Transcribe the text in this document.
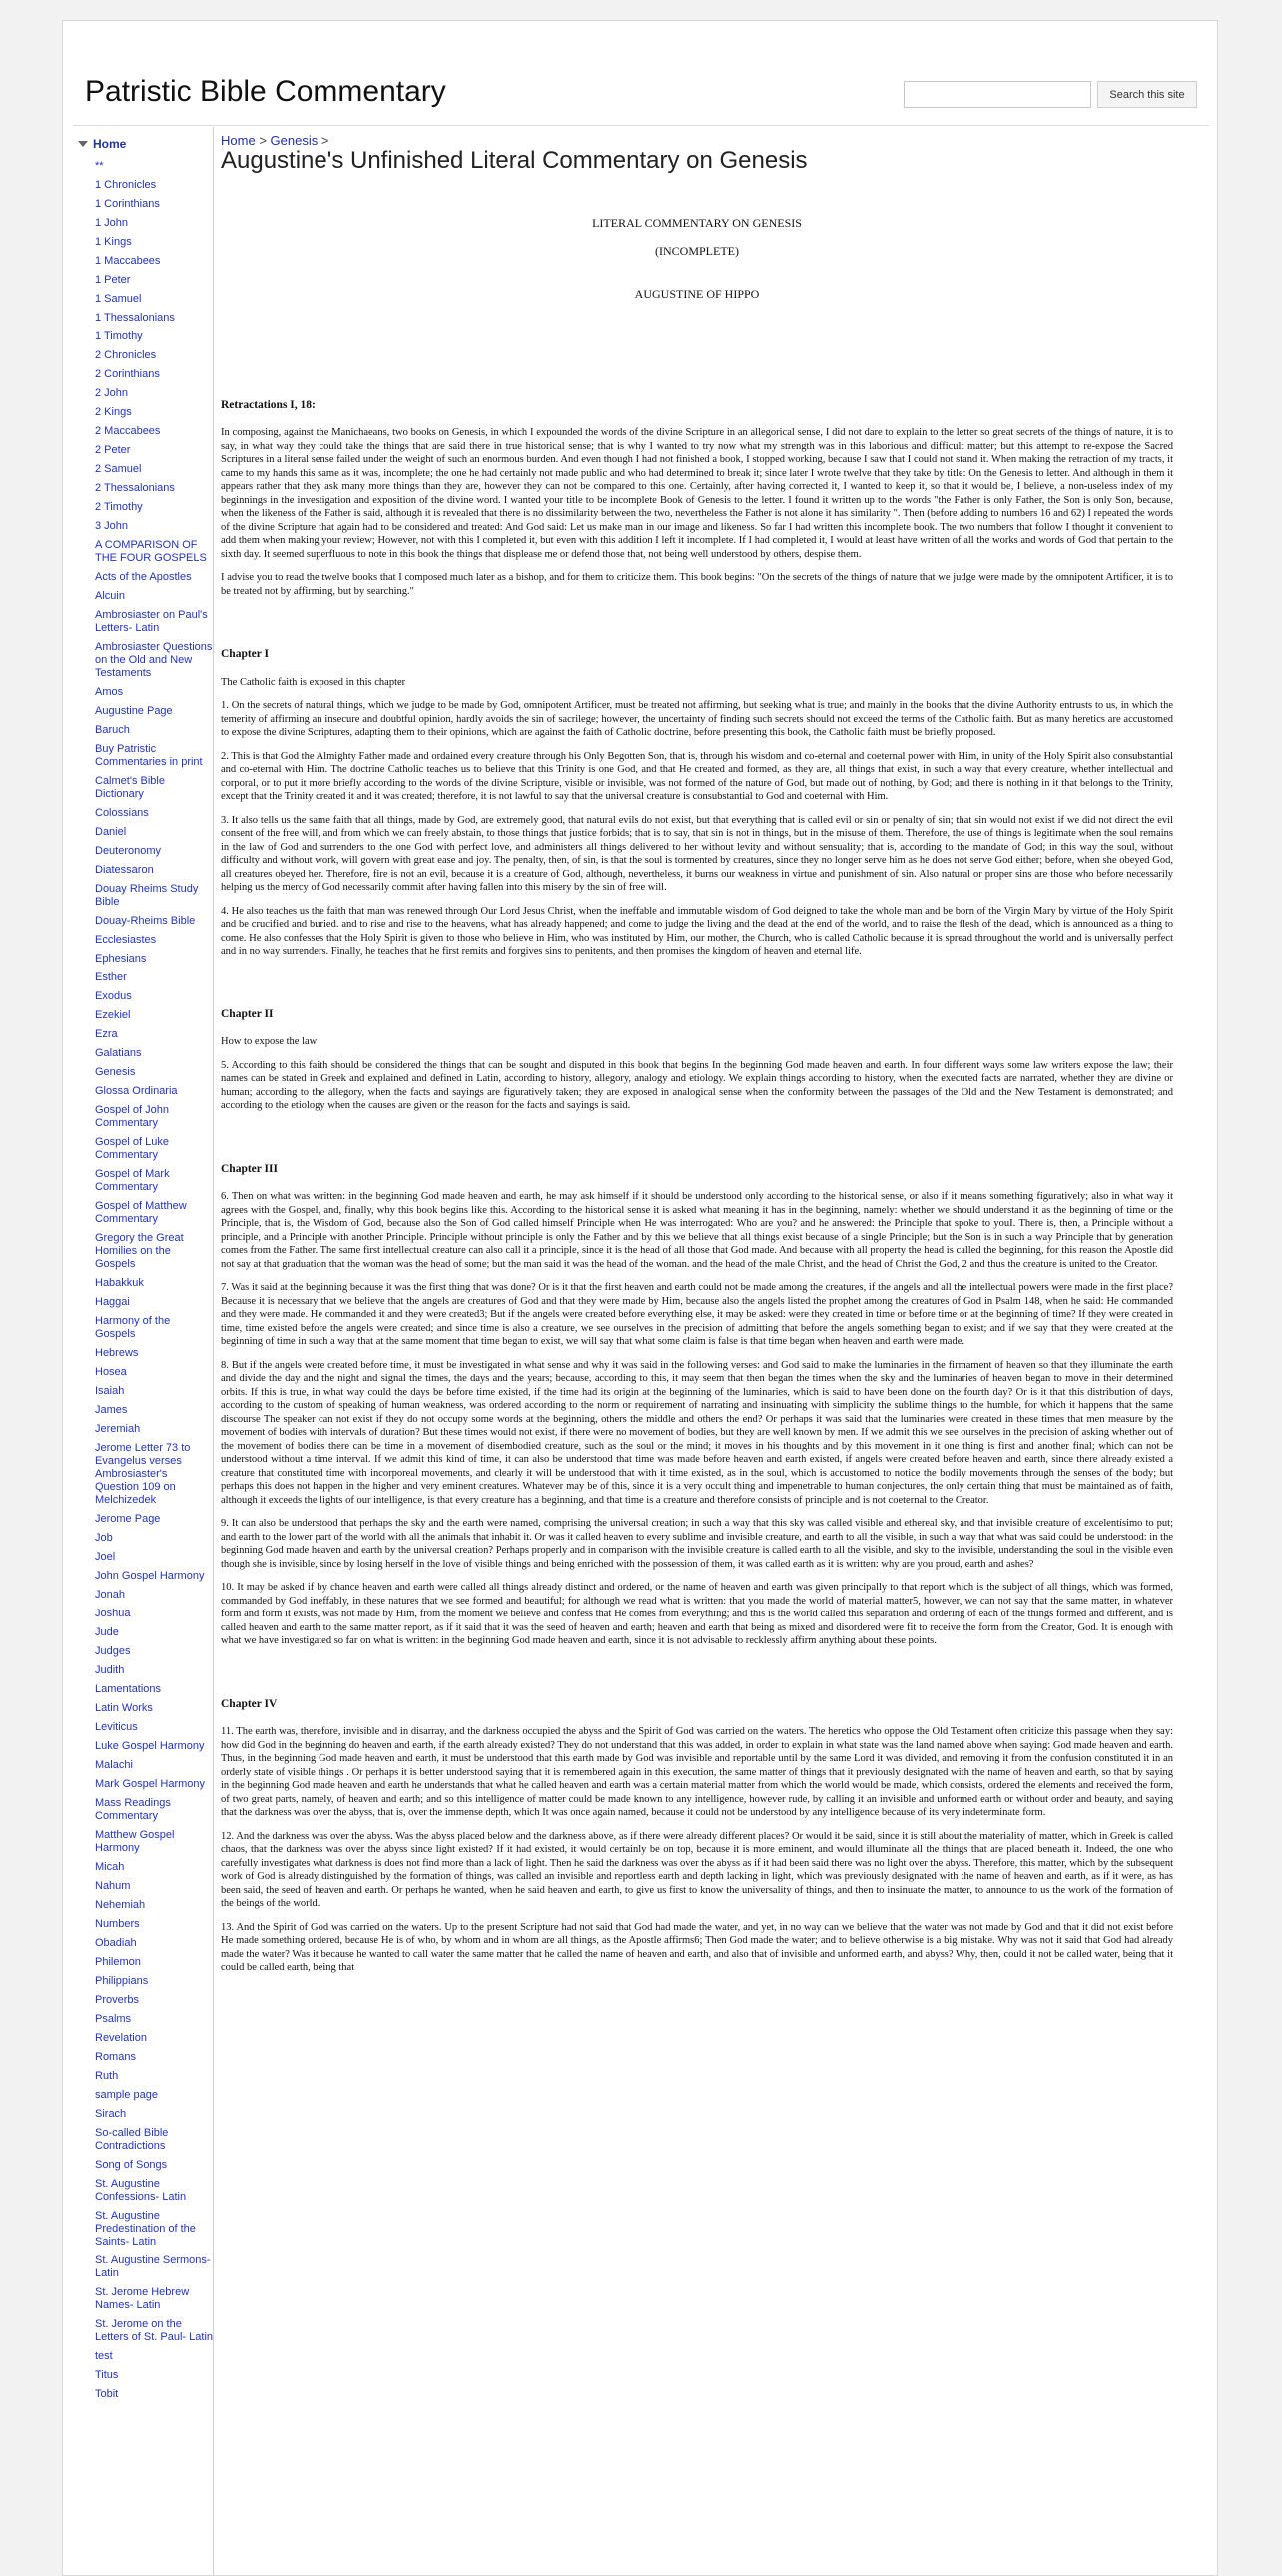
Patristic Bible Commentary	Search this site
Home
**
1 Chronicles
1 Corinthians
1 John
1 Kings
1 Maccabees
1 Peter
1 Samuel
1 Thessalonians
1 Timothy
2 Chronicles
2 Corinthians
2 John
2 Kings
2 Maccabees
2 Peter
2 Samuel
2 Thessalonians
2 Timothy
3 John
A COMPARISON OF THE FOUR GOSPELS
Acts of the Apostles
Alcuin
Ambrosiaster on Paul's Letters- Latin
Ambrosiaster Questions on the Old and New Testaments
Amos
Augustine Page
Baruch
Buy Patristic Commentaries in print
Calmet's Bible Dictionary
Colossians
Daniel
Deuteronomy
Diatessaron
Douay Rheims Study Bible
Douay-Rheims Bible
Ecclesiastes
Ephesians
Esther
Exodus
Ezekiel
Ezra
Galatians
Genesis
Glossa Ordinaria
Gospel of John Commentary
Gospel of Luke Commentary
Gospel of Mark Commentary
Gospel of Matthew Commentary
Gregory the Great Homilies on the Gospels
Habakkuk
Haggai
Harmony of the Gospels
Hebrews
Hosea
Isaiah
James
Jeremiah
Jerome Letter 73 to Evangelus verses Ambrosiaster's Question 109 on Melchizedek
Jerome Page
Job
Joel
John Gospel Harmony
Jonah
Joshua
Jude
Judges
Judith
Lamentations
Latin Works
Leviticus
Luke Gospel Harmony
Malachi
Mark Gospel Harmony
Mass Readings Commentary
Matthew Gospel Harmony
Micah
Nahum
Nehemiah
Numbers
Obadiah
Philemon
Philippians
Proverbs
Psalms
Revelation
Romans
Ruth
sample page
Sirach
So-called Bible Contradictions
Song of Songs
St. Augustine Confessions- Latin
St. Augustine Predestination of the Saints- Latin
St. Augustine Sermons- Latin
St. Jerome Hebrew Names- Latin
St. Jerome on the Letters of St. Paul- Latin
test
Titus
Tobit
Home > Genesis >
Augustine's Unfinished Literal Commentary on Genesis

LITERAL COMMENTARY ON GENESIS

(INCOMPLETE)

AUGUSTINE OF HIPPO

Retractations I, 18:

In composing, against the Manichaeans, two books on Genesis, in which I expounded the words of the divine Scripture in an allegorical sense, I did not dare to explain to the letter so great secrets of the things of nature, it is to say, in what way they could take the things that are said there in true historical sense; that is why I wanted to try now what my strength was in this laborious and difficult matter; but this attempt to re-expose the Sacred Scriptures in a literal sense failed under the weight of such an enormous burden. And even though I had not finished a book, I stopped working, because I saw that I could not stand it. When making the retraction of my tracts, it came to my hands this same as it was, incomplete; the one he had certainly not made public and who had determined to break it; since later I wrote twelve that they take by title: On the Genesis to letter. And although in them it appears rather that they ask many more things than they are, however they can not be compared to this one. Certainly, after having corrected it, I wanted to keep it, so that it would be, I believe, a non-useless index of my beginnings in the investigation and exposition of the divine word. I wanted your title to be incomplete Book of Genesis to the letter. I found it written up to the words "the Father is only Father, the Son is only Son, because, when the likeness of the Father is said, although it is revealed that there is no dissimilarity between the two, nevertheless the Father is not alone it has similarity ". Then (before adding to numbers 16 and 62) I repeated the words of the divine Scripture that again had to be considered and treated: And God said: Let us make man in our image and likeness. So far I had written this incomplete book. The two numbers that follow I thought it convenient to add them when making your review; However, not with this I completed it, but even with this addition I left it incomplete. If I had completed it, I would at least have written of all the works and words of God that pertain to the sixth day. It seemed superfluous to note in this book the things that displease me or defend those that, not being well understood by others, despise them.

I advise you to read the twelve books that I composed much later as a bishop, and for them to criticize them. This book begins: "On the secrets of the things of nature that we judge were made by the omnipotent Artificer, it is to be treated not by affirming, but by searching."

Chapter I

The Catholic faith is exposed in this chapter

1. On the secrets of natural things, which we judge to be made by God, omnipotent Artificer, must be treated not affirming, but seeking what is true; and mainly in the books that the divine Authority entrusts to us, in which the temerity of affirming an insecure and doubtful opinion, hardly avoids the sin of sacrilege; however, the uncertainty of finding such secrets should not exceed the terms of the Catholic faith. But as many heretics are accustomed to expose the divine Scriptures, adapting them to their opinions, which are against the faith of Catholic doctrine, before presenting this book, the Catholic faith must be briefly proposed.

2. This is that God the Almighty Father made and ordained every creature through his Only Begotten Son, that is, through his wisdom and co-eternal and coeternal power with Him, in unity of the Holy Spirit also consubstantial and co-eternal with Him. The doctrine Catholic teaches us to believe that this Trinity is one God, and that He created and formed, as they are, all things that exist, in such a way that every creature, whether intellectual and corporal, or to put it more briefly according to the words of the divine Scripture, visible or invisible, was not formed of the nature of God, but made out of nothing, by God; and there is nothing in it that belongs to the Trinity, except that the Trinity created it and it was created; therefore, it is not lawful to say that the universal creature is consubstantial to God and coeternal with Him.

3. It also tells us the same faith that all things, made by God, are extremely good, that natural evils do not exist, but that everything that is called evil or sin or penalty of sin; that sin would not exist if we did not direct the evil consent of the free will, and from which we can freely abstain, to those things that justice forbids; that is to say, that sin is not in things, but in the misuse of them. Therefore, the use of things is legitimate when the soul remains in the law of God and surrenders to the one God with perfect love, and administers all things delivered to her without levity and without sensuality; that is, according to the mandate of God; in this way the soul, without difficulty and without work, will govern with great ease and joy. The penalty, then, of sin, is that the soul is tormented by creatures, since they no longer serve him as he does not serve God either; before, when she obeyed God, all creatures obeyed her. Therefore, fire is not an evil, because it is a creature of God, although, nevertheless, it burns our weakness in virtue and punishment of sin. Also natural or proper sins are those who before necessarily helping us the mercy of God necessarily commit after having fallen into this misery by the sin of free will.

4. He also teaches us the faith that man was renewed through Our Lord Jesus Christ, when the ineffable and immutable wisdom of God deigned to take the whole man and be born of the Virgin Mary by virtue of the Holy Spirit and be crucified and buried. and to rise and rise to the heavens, what has already happened; and come to judge the living and the dead at the end of the world, and to raise the flesh of the dead, which is announced as a thing to come. He also confesses that the Holy Spirit is given to those who believe in Him, who was instituted by Him, our mother, the Church, who is called Catholic because it is spread throughout the world and is universally perfect and in no way surrenders. Finally, he teaches that he first remits and forgives sins to penitents, and then promises the kingdom of heaven and eternal life.

Chapter II

How to expose the law

5. According to this faith should be considered the things that can be sought and disputed in this book that begins In the beginning God made heaven and earth. In four different ways some law writers expose the law; their names can be stated in Greek and explained and defined in Latin, according to history, allegory, analogy and etiology. We explain things according to history, when the executed facts are narrated, whether they are divine or human; according to the allegory, when the facts and sayings are figuratively taken; they are exposed in analogical sense when the conformity between the passages of the Old and the New Testament is demonstrated; and according to the etiology when the causes are given or the reason for the facts and sayings is said.

Chapter III

6. Then on what was written: in the beginning God made heaven and earth, he may ask himself if it should be understood only according to the historical sense, or also if it means something figuratively; also in what way it agrees with the Gospel, and, finally, why this book begins like this. According to the historical sense it is asked what meaning it has in the beginning, namely: whether we should understand it as the beginning of time or the Principle, that is, the Wisdom of God, because also the Son of God called himself Principle when He was interrogated: Who are you? and he answered: the Principle that spoke to youI. There is, then, a Principle without a principle, and a Principle with another Principle. Principle without principle is only the Father and by this we believe that all things exist because of a single Principle; but the Son is in such a way Principle that by generation comes from the Father. The same first intellectual creature can also call it a principle, since it is the head of all those that God made. And because with all property the head is called the beginning, for this reason the Apostle did not say at that graduation that the woman was the head of some; but the man said it was the head of the woman. and the head of the male Christ, and the head of Christ the God, 2 and thus the creature is united to the Creator.

7. Was it said at the beginning because it was the first thing that was done? Or is it that the first heaven and earth could not be made among the creatures, if the angels and all the intellectual powers were made in the first place? Because it is necessary that we believe that the angels are creatures of God and that they were made by Him, because also the angels listed the prophet among the creatures of God in Psalm 148, when he said: He commanded and they were made. He commanded it and they were created3; But if the angels were created before everything else, it may be asked: were they created in time or before time or at the beginning of time? If they were created in time, time existed before the angels were created; and since time is also a creature, we see ourselves in the precision of admitting that before the angels something began to exist; and if we say that they were created at the beginning of time in such a way that at the same moment that time began to exist, we will say that what some claim is false is that time began when heaven and earth were made.

8. But if the angels were created before time, it must be investigated in what sense and why it was said in the following verses: and God said to make the luminaries in the firmament of heaven so that they illuminate the earth and divide the day and the night and signal the times, the days and the years; because, according to this, it may seem that then began the times when the sky and the luminaries of heaven began to move in their determined orbits. If this is true, in what way could the days be before time existed, if the time had its origin at the beginning of the luminaries, which is said to have been done on the fourth day? Or is it that this distribution of days, according to the custom of speaking of human weakness, was ordered according to the norm or requirement of narrating and insinuating with simplicity the sublime things to the humble, for which it happens that the same discourse The speaker can not exist if they do not occupy some words at the beginning, others the middle and others the end? Or perhaps it was said that the luminaries were created in these times that men measure by the movement of bodies with intervals of duration? But these times would not exist, if there were no movement of bodies, but they are well known by men. If we admit this we see ourselves in the precision of asking whether out of the movement of bodies there can be time in a movement of disembodied creature, such as the soul or the mind; it moves in his thoughts and by this movement in it one thing is first and another final; which can not be understood without a time interval. If we admit this kind of time, it can also be understood that time was made before heaven and earth existed, if angels were created before heaven and earth, since there already existed a creature that constituted time with incorporeal movements, and clearly it will be understood that with it time existed, as in the soul, which is accustomed to notice the bodily movements through the senses of the body; but perhaps this does not happen in the higher and very eminent creatures. Whatever may be of this, since it is a very occult thing and impenetrable to human conjectures, the only certain thing that must be maintained as of faith, although it exceeds the lights of our intelligence, is that every creature has a beginning, and that time is a creature and therefore consists of principle and is not coeternal to the Creator.

9. It can also be understood that perhaps the sky and the earth were named, comprising the universal creation; in such a way that this sky was called visible and ethereal sky, and that invisible creature of excelentísimo to put; and earth to the lower part of the world with all the animals that inhabit it. Or was it called heaven to every sublime and invisible creature, and earth to all the visible, in such a way that what was said could be understood: in the beginning God made heaven and earth by the universal creation? Perhaps properly and in comparison with the invisible creature is called earth to all the visible, and sky to the invisible, understanding the soul in the visible even though she is invisible, since by losing herself in the love of visible things and being enriched with the possession of them, it was called earth as it is written: why are you proud, earth and ashes?

10. It may be asked if by chance heaven and earth were called all things already distinct and ordered, or the name of heaven and earth was given principally to that report which is the subject of all things, which was formed, commanded by God ineffably, in these natures that we see formed and beautiful; for although we read what is written: that you made the world of material matter5, however, we can not say that the same matter, in whatever form and form it exists, was not made by Him, from the moment we believe and confess that He comes from everything; and this is the world called this separation and ordering of each of the things formed and different, and is called heaven and earth to the same matter report, as if it said that it was the seed of heaven and earth; heaven and earth that being as mixed and disordered were fit to receive the form from the Creator, God. It is enough with what we have investigated so far on what is written: in the beginning God made heaven and earth, since it is not advisable to recklessly affirm anything about these points.

Chapter IV

11. The earth was, therefore, invisible and in disarray, and the darkness occupied the abyss and the Spirit of God was carried on the waters. The heretics who oppose the Old Testament often criticize this passage when they say: how did God in the beginning do heaven and earth, if the earth already existed? They do not understand that this was added, in order to explain in what state was the land named above when saying: God made heaven and earth. Thus, in the beginning God made heaven and earth, it must be understood that this earth made by God was invisible and reportable until by the same Lord it was divided, and removing it from the confusion constituted it in an orderly state of visible things . Or perhaps it is better understood saying that it is remembered again in this execution, the same matter of things that it previously designated with the name of heaven and earth, so that by saying in the beginning God made heaven and earth he understands that what he called heaven and earth was a certain material matter from which the world would be made, which consists, ordered the elements and received the form, of two great parts, namely, of heaven and earth; and so this intelligence of matter could be made known to any intelligence, however rude, by calling it an invisible and unformed earth or without order and beauty, and saying that the darkness was over the abyss, that is, over the immense depth, which It was once again named, because it could not be understood by any intelligence because of its very indeterminate form.

12. And the darkness was over the abyss. Was the abyss placed below and the darkness above, as if there were already different places? Or would it be said, since it is still about the materiality of matter, which in Greek is called chaos, that the darkness was over the abyss since light existed? If it had existed, it would certainly be on top, because it is more eminent, and would illuminate all the things that are placed beneath it. Indeed, the one who carefully investigates what darkness is does not find more than a lack of light. Then he said the darkness was over the abyss as if it had been said there was no light over the abyss. Therefore, this matter, which by the subsequent work of God is already distinguished by the formation of things, was called an invisible and reportless earth and depth lacking in light, which was previously designated with the name of heaven and earth, as if it were, as has been said, the seed of heaven and earth. Or perhaps he wanted, when he said heaven and earth, to give us first to know the universality of things, and then to insinuate the matter, to announce to us the work of the formation of the beings of the world.

13. And the Spirit of God was carried on the waters. Up to the present Scripture had not said that God had made the water, and yet, in no way can we believe that the water was not made by God and that it did not exist before He made something ordered, because He is of who, by whom and in whom are all things, as the Apostle affirms6; Then God made the water; and to believe otherwise is a big mistake. Why was not it said that God had already made the water? Was it because he wanted to call water the same matter that he called the name of heaven and earth, and also that of invisible and unformed earth, and abyss? Why, then, could it not be called water, being that it could be called earth, being that
